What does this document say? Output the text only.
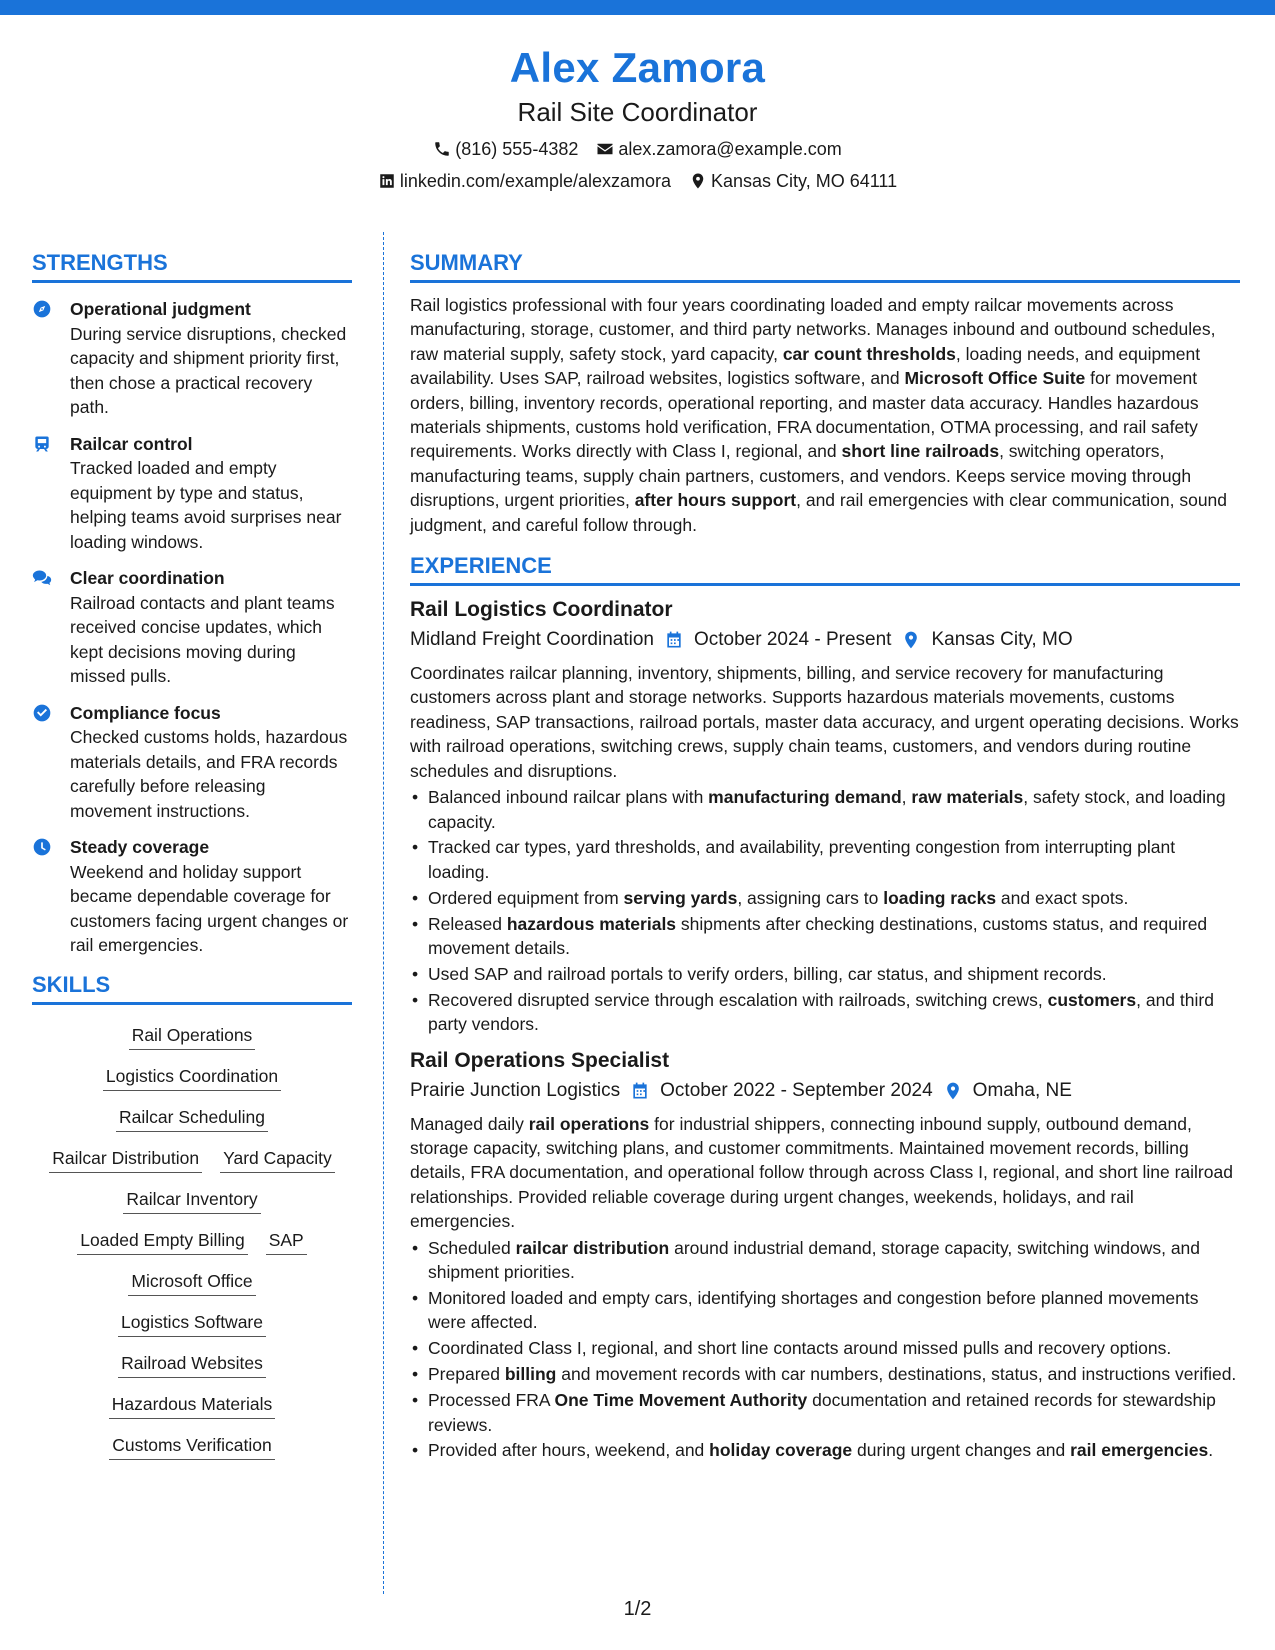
Alex Zamora
Rail Site Coordinator
(816) 555-4382 alex.zamora@example.com
linkedin.com/example/alexzamora Kansas City, MO 64111
STRENGTHS
Operational judgment
During service disruptions, checked capacity and shipment priority first, then chose a practical recovery path.
Railcar control
Tracked loaded and empty equipment by type and status, helping teams avoid surprises near loading windows.
Clear coordination
Railroad contacts and plant teams received concise updates, which kept decisions moving during missed pulls.
Compliance focus
Checked customs holds, hazardous materials details, and FRA records carefully before releasing movement instructions.
Steady coverage
Weekend and holiday support became dependable coverage for customers facing urgent changes or rail emergencies.
SKILLS
Rail Operations
Logistics Coordination
Railcar Scheduling
Railcar Distribution Yard Capacity
Railcar Inventory
Loaded Empty Billing SAP
Microsoft Office
Logistics Software
Railroad Websites
Hazardous Materials
Customs Verification
SUMMARY
Rail logistics professional with four years coordinating loaded and empty railcar movements across manufacturing, storage, customer, and third party networks. Manages inbound and outbound schedules, raw material supply, safety stock, yard capacity, car count thresholds, loading needs, and equipment availability. Uses SAP, railroad websites, logistics software, and Microsoft Office Suite for movement orders, billing, inventory records, operational reporting, and master data accuracy. Handles hazardous materials shipments, customs hold verification, FRA documentation, OTMA processing, and rail safety requirements. Works directly with Class I, regional, and short line railroads, switching operators, manufacturing teams, supply chain partners, customers, and vendors. Keeps service moving through disruptions, urgent priorities, after hours support, and rail emergencies with clear communication, sound judgment, and careful follow through.
EXPERIENCE
Rail Logistics Coordinator
Midland Freight Coordination October 2024 - Present Kansas City, MO
Coordinates railcar planning, inventory, shipments, billing, and service recovery for manufacturing customers across plant and storage networks. Supports hazardous materials movements, customs readiness, SAP transactions, railroad portals, master data accuracy, and urgent operating decisions. Works with railroad operations, switching crews, supply chain teams, customers, and vendors during routine schedules and disruptions.
• Balanced inbound railcar plans with manufacturing demand, raw materials, safety stock, and loading capacity.
• Tracked car types, yard thresholds, and availability, preventing congestion from interrupting plant loading.
• Ordered equipment from serving yards, assigning cars to loading racks and exact spots.
• Released hazardous materials shipments after checking destinations, customs status, and required movement details.
• Used SAP and railroad portals to verify orders, billing, car status, and shipment records.
• Recovered disrupted service through escalation with railroads, switching crews, customers, and third party vendors.
Rail Operations Specialist
Prairie Junction Logistics October 2022 - September 2024 Omaha, NE
Managed daily rail operations for industrial shippers, connecting inbound supply, outbound demand, storage capacity, switching plans, and customer commitments. Maintained movement records, billing details, FRA documentation, and operational follow through across Class I, regional, and short line railroad relationships. Provided reliable coverage during urgent changes, weekends, holidays, and rail emergencies.
• Scheduled railcar distribution around industrial demand, storage capacity, switching windows, and shipment priorities.
• Monitored loaded and empty cars, identifying shortages and congestion before planned movements were affected.
• Coordinated Class I, regional, and short line contacts around missed pulls and recovery options.
• Prepared billing and movement records with car numbers, destinations, status, and instructions verified.
• Processed FRA One Time Movement Authority documentation and retained records for stewardship reviews.
• Provided after hours, weekend, and holiday coverage during urgent changes and rail emergencies.
1/2
